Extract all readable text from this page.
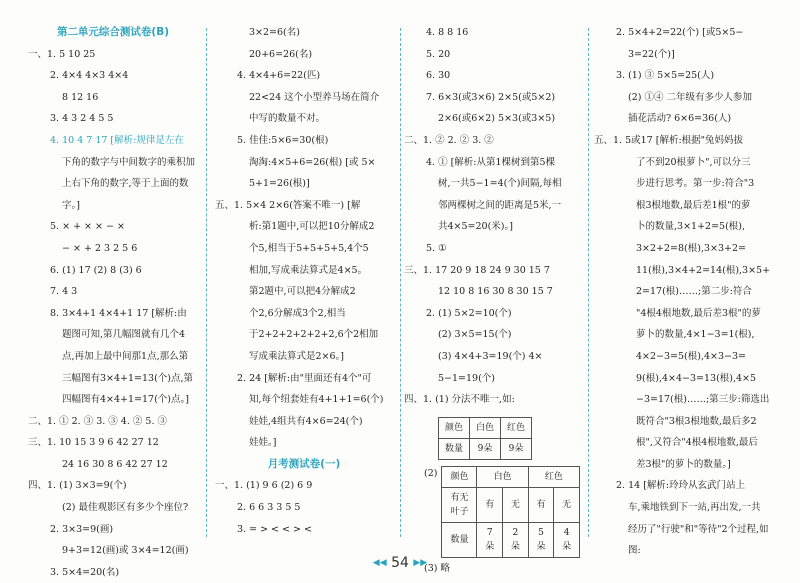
第二单元综合测试卷(B)
一、1. 5 10 25
2. 4×4 4×3 4×4
8 12 16
3. 4 3 2 4 5 5
4. 10 4 7 17 [解析:规律是左在
下角的数字与中间数字的乘积加
上右下角的数字,等于上面的数
字。]
5. × + × × − ×
− × + 2 3 2 5 6
6. (1) 17 (2) 8 (3) 6
7. 4 3
8. 3×4+1 4×4+1 17 [解析:由
题图可知,第几幅图就有几个4
点,再加上最中间那1点,那么第
三幅图有3×4+1=13(个)点,第
四幅图有4×4+1=17(个)点。]
二、1. ① 2. ③ 3. ③ 4. ② 5. ③
三、1. 10 15 3 9 6 42 27 12
24 16 30 8 6 42 27 12
四、1. (1) 3×3=9(个)
(2) 最佳观影区有多少个座位?
2. 3×3=9(画)
9+3=12(画)或 3×4=12(画)
3. 5×4=20(名)
3×2=6(名)
20+6=26(名)
4. 4×4+6=22(匹)
22<24 这个小型养马场在简介
中写的数量不对。
5. 佳佳:5×6=30(根)
淘淘:4×5+6=26(根) [或 5×
5+1=26(根)]
五、1. 5×4 2×6(答案不唯一) [解
析:第1题中,可以把10分解成2
个5,相当于5+5+5+5,4个5
相加,写成乘法算式是4×5。
第2题中,可以把4分解成2
个2,6分解成3个2,相当
于2+2+2+2+2+2,6个2相加
写成乘法算式是2×6。]
2. 24 [解析:由"里面还有4个"可
知,每个纽套娃有4+1+1=6(个)
娃娃,4组共有4×6=24(个)
娃娃。]
月考测试卷(一)
一、1. (1) 9 6 (2) 6 9
2. 6 6 3 3 5 5
3. = > < < > <
4. 8 8 16
5. 20
6. 30
7. 6×3(或3×6) 2×5(或5×2)
2×6(或6×2) 5×3(或3×5)
二、1. ② 2. ② 3. ②
4. ① [解析:从第1棵树到第5棵
树,一共5−1=4(个)间隔,每相
邻两棵树之间的距离是5米,一
共4×5=20(米)。]
5. ①
三、1. 17 20 9 18 24 9 30 15 7
12 10 8 16 30 8 30 15 7
2. (1) 5×2=10(个)
(2) 3×5=15(个)
(3) 4×4+3=19(个) 4×
5−1=19(个)
四、1. (1) 分法不唯一,如:
颜色	白色	红色
数量	9朵	9朵
(2) 颜色	白色		红色	
有无叶子	有	无	有	无
数量	7朵	2朵	5朵	4朵
(3) 略
2. 5×4+2=22(个) [或5×5−
3=22(个)]
3. (1) ③ 5×5=25(人)
(2) ①④ 二年级有多少人参加
插花活动? 6×6=36(人)
五、1. 5或17 [解析:根据"兔妈妈拔
了不到20根萝卜",可以分三
步进行思考。第一步:符合"3
根3根地数,最后差1根"的萝
卜的数量,3×1+2=5(根),
3×2+2=8(根),3×3+2=
11(根),3×4+2=14(根),3×5+
2=17(根)……;第二步:符合
"4根4根地数,最后差3根"的萝
萝卜的数量,4×1−3=1(根),
4×2−3=5(根),4×3−3=
9(根),4×4−3=13(根),4×5
−3=17(根)……;第三步:筛选出
既符合"3根3根地数,最后多2
根",又符合"4根4根地数,最后
差3根"的萝卜的数量。]
2. 14 [解析:玲玲从玄武门站上
车,乘地铁到下一站,再出发,一共
经历了"行驶"和"等待"2个过程,如
图:
◀◀ 54 ▶▶
